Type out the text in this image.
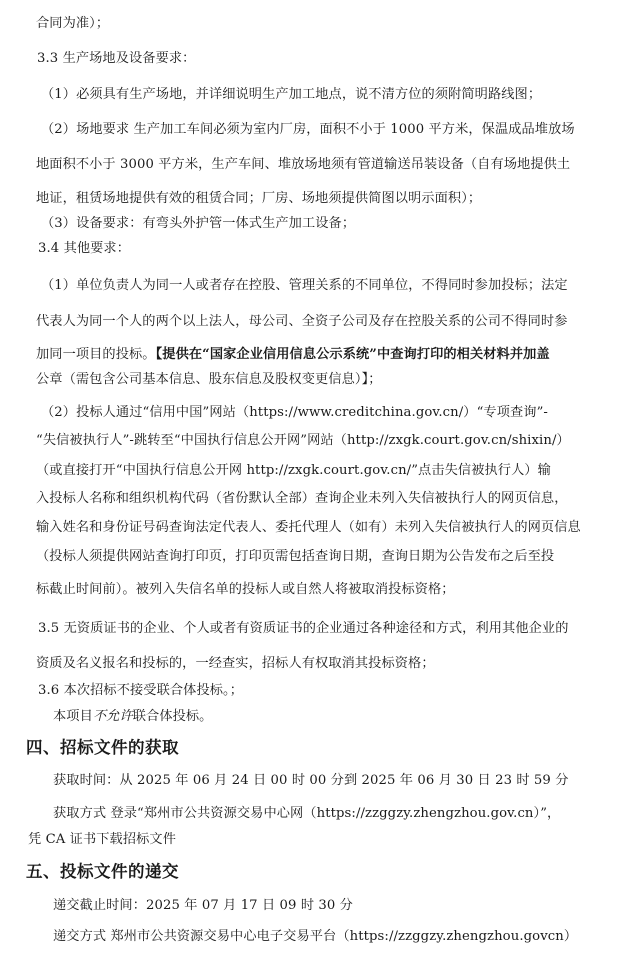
合同为准）；
3.3 生产场地及设备要求：
（1）必须具有生产场地，并详细说明生产加工地点，说不清方位的须附简明路线图；
（2）场地要求 生产加工车间必须为室内厂房，面积不小于 1000 平方米，保温成品堆放场
地面积不小于 3000 平方米，生产车间、堆放场地须有管道输送吊装设备（自有场地提供土
地证，租赁场地提供有效的租赁合同；厂房、场地须提供简图以明示面积）；
（3）设备要求：有弯头外护管一体式生产加工设备；
3.4 其他要求：
（1）单位负责人为同一人或者存在控股、管理关系的不同单位，不得同时参加投标；法定
代表人为同一个人的两个以上法人，母公司、全资子公司及存在控股关系的公司不得同时参
加同一项目的投标。【提供在“国家企业信用信息公示系统”中查询打印的相关材料并加盖
公章（需包含公司基本信息、股东信息及股权变更信息）】；
（2）投标人通过“信用中国”网站（https://www.creditchina.gov.cn/）“专项查询”-
“失信被执行人”-跳转至“中国执行信息公开网”网站（http://zxgk.court.gov.cn/shixin/）
（或直接打开“中国执行信息公开网 http://zxgk.court.gov.cn/”点击失信被执行人）输
入投标人名称和组织机构代码（省份默认全部）查询企业未列入失信被执行人的网页信息，
输入姓名和身份证号码查询法定代表人、委托代理人（如有）未列入失信被执行人的网页信息
（投标人须提供网站查询打印页，打印页需包括查询日期，查询日期为公告发布之后至投
标截止时间前）。被列入失信名单的投标人或自然人将被取消投标资格；
3.5 无资质证书的企业、个人或者有资质证书的企业通过各种途径和方式，利用其他企业的
资质及名义报名和投标的，一经查实，招标人有权取消其投标资格；
3.6 本次招标不接受联合体投标。；
本项目不允许联合体投标。
四、招标文件的获取
获取时间：从 2025 年 06 月 24 日 00 时 00 分到 2025 年 06 月 30 日 23 时 59 分
获取方式 登录“郑州市公共资源交易中心网（https://zzggzy.zhengzhou.gov.cn）”，
凭 CA 证书下载招标文件
五、投标文件的递交
递交截止时间：2025 年 07 月 17 日 09 时 30 分
递交方式 郑州市公共资源交易中心电子交易平台（https://zzggzy.zhengzhou.govcn）
